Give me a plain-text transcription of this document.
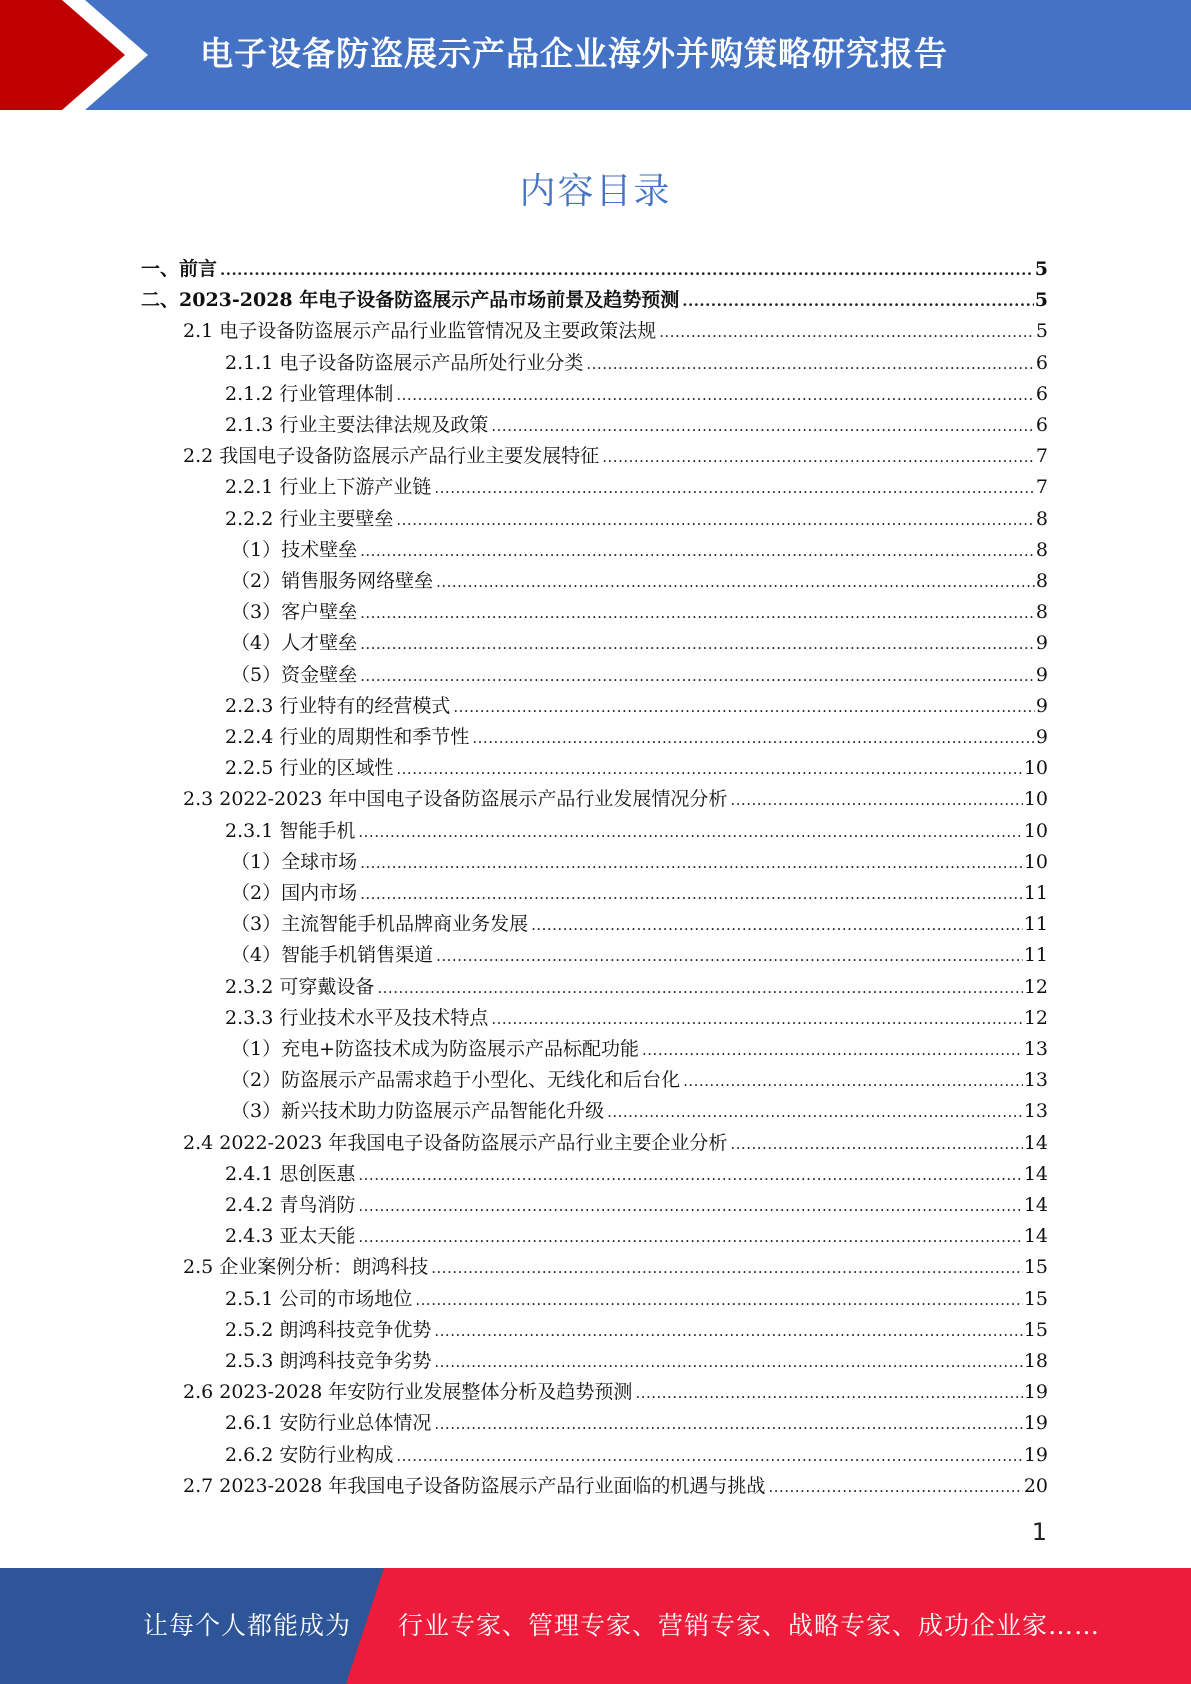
电子设备防盗展示产品企业海外并购策略研究报告
内容目录
一、前言 .....	5
二、2023-2028 年电子设备防盗展示产品市场前景及趋势预测 .....	5
2.1 电子设备防盗展示产品行业监管情况及主要政策法规 .....	5
2.1.1 电子设备防盗展示产品所处行业分类 .....	6
2.1.2 行业管理体制 .....	6
2.1.3 行业主要法律法规及政策 .....	6
2.2 我国电子设备防盗展示产品行业主要发展特征 .....	7
2.2.1 行业上下游产业链 .....	7
2.2.2 行业主要壁垒 .....	8
（1）技术壁垒 .....	8
（2）销售服务网络壁垒 .....	8
（3）客户壁垒 .....	8
（4）人才壁垒 .....	9
（5）资金壁垒 .....	9
2.2.3 行业特有的经营模式 .....	9
2.2.4 行业的周期性和季节性 .....	9
2.2.5 行业的区域性 .....	10
2.3 2022-2023 年中国电子设备防盗展示产品行业发展情况分析 .....	10
2.3.1 智能手机 .....	10
（1）全球市场 .....	10
（2）国内市场 .....	11
（3）主流智能手机品牌商业务发展 .....	11
（4）智能手机销售渠道 .....	11
2.3.2 可穿戴设备 .....	12
2.3.3 行业技术水平及技术特点 .....	12
（1）充电+防盗技术成为防盗展示产品标配功能 .....	13
（2）防盗展示产品需求趋于小型化、无线化和后台化 .....	13
（3）新兴技术助力防盗展示产品智能化升级 .....	13
2.4 2022-2023 年我国电子设备防盗展示产品行业主要企业分析 .....	14
2.4.1 思创医惠 .....	14
2.4.2 青鸟消防 .....	14
2.4.3 亚太天能 .....	14
2.5 企业案例分析：朗鸿科技 .....	15
2.5.1 公司的市场地位 .....	15
2.5.2 朗鸿科技竞争优势 .....	15
2.5.3 朗鸿科技竞争劣势 .....	18
2.6 2023-2028 年安防行业发展整体分析及趋势预测 .....	19
2.6.1 安防行业总体情况 .....	19
2.6.2 安防行业构成 .....	19
2.7 2023-2028 年我国电子设备防盗展示产品行业面临的机遇与挑战 .....	20
1
让每个人都能成为 行业专家、管理专家、营销专家、战略专家、成功企业家……
